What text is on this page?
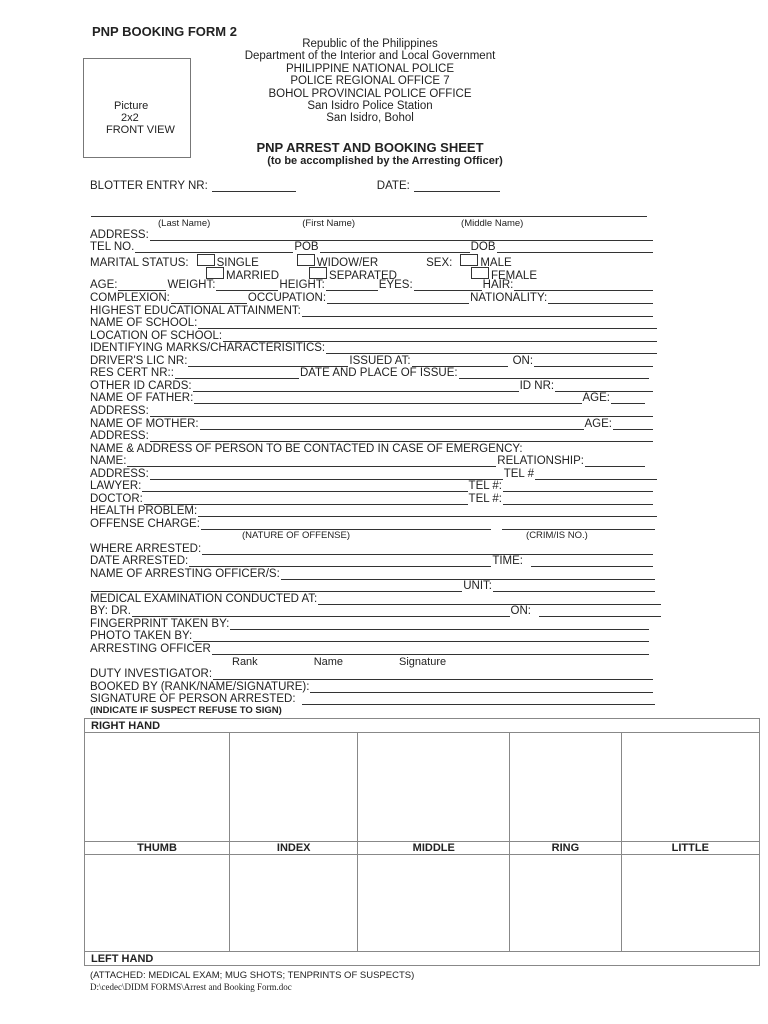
PNP BOOKING FORM 2
Republic of the Philippines
Department of the Interior and Local Government
PHILIPPINE NATIONAL POLICE
POLICE REGIONAL OFFICE 7
BOHOL PROVINCIAL POLICE OFFICE
San Isidro Police Station
San Isidro, Bohol
Picture
2x2
FRONT VIEW
PNP ARREST AND BOOKING SHEET
(to be accomplished by the Arresting Officer)
BLOTTER ENTRY NR:	DATE:
(Last Name)	(First Name)	(Middle Name)
ADDRESS:
TEL NO.	POB	DOB
MARITAL STATUS:	SINGLE	WIDOW/ER	SEX:	MALE
MARRIED	SEPARATED	FEMALE
AGE:	WEIGHT:	HEIGHT:	EYES:	HAIR:
COMPLEXION:	OCCUPATION:	NATIONALITY:
HIGHEST EDUCATIONAL ATTAINMENT:
NAME OF SCHOOL:
LOCATION OF SCHOOL:
IDENTIFYING MARKS/CHARACTERISITICS:
DRIVER'S LIC NR:	ISSUED AT:	ON:
RES CERT NR::	DATE AND PLACE OF ISSUE:
OTHER ID CARDS:	ID NR:
NAME OF FATHER:	AGE:
ADDRESS:
NAME OF MOTHER:	AGE:
ADDRESS:
NAME & ADDRESS OF PERSON TO BE CONTACTED IN CASE OF EMERGENCY:
NAME:	RELATIONSHIP:
ADDRESS:	TEL #
LAWYER:	TEL #:
DOCTOR:	TEL #:
HEALTH PROBLEM:
OFFENSE CHARGE:
(NATURE OF OFFENSE)	(CRIM/IS NO.)
WHERE ARRESTED:
DATE ARRESTED:	TIME:
NAME OF ARRESTING OFFICER/S:
UNIT:
MEDICAL EXAMINATION CONDUCTED AT:
BY: DR.	ON:
FINGERPRINT TAKEN BY:
PHOTO TAKEN BY:
ARRESTING OFFICER
Rank	Name	Signature
DUTY INVESTIGATOR:
BOOKED BY (RANK/NAME/SIGNATURE):
SIGNATURE OF PERSON ARRESTED:
(INDICATE IF SUSPECT REFUSE TO SIGN)
RIGHT HAND				

THUMB	INDEX	MIDDLE	RING	LITTLE

LEFT HAND				
(ATTACHED: MEDICAL EXAM; MUG SHOTS; TENPRINTS OF SUSPECTS)
D:\cedec\DIDM FORMS\Arrest and Booking Form.doc
